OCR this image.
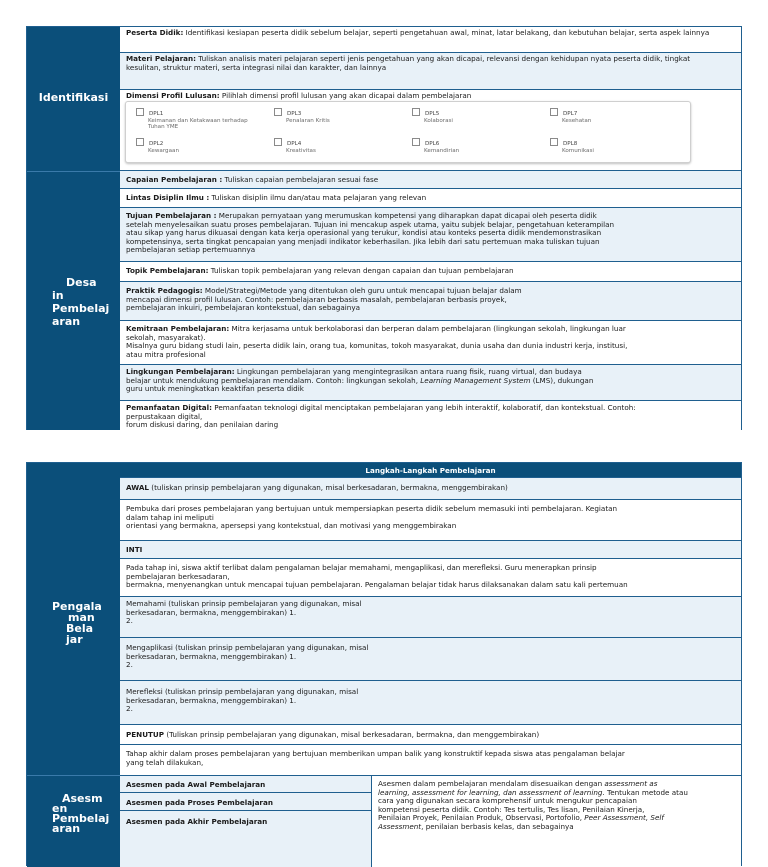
Identifikasi
Desa
in
Pembelaj
aran
Peserta Didik: Identifikasi kesiapan peserta didik sebelum belajar, seperti pengetahuan awal, minat, latar belakang, dan kebutuhan belajar, serta aspek lainnya
Materi Pelajaran: Tuliskan analisis materi pelajaran seperti jenis pengetahuan yang akan dicapai, relevansi dengan kehidupan nyata peserta didik, tingkat
kesulitan, struktur materi, serta integrasi nilai dan karakter, dan lainnya
Dimensi Profil Lulusan: Pilihlah dimensi profil lulusan yang akan dicapai dalam pembelajaran
DPL1
Keimanan dan Ketakwaan terhadap
Tuhan YME
DPL3
Penalaran Kritis
DPL5
Kolaborasi
DPL7
Kesehatan
DPL2
Kewargaan
DPL4
Kreativitas
DPL6
Kemandirian
DPL8
Komunikasi
Capaian Pembelajaran : Tuliskan capaian pembelajaran sesuai fase
Lintas Disiplin Ilmu : Tuliskan disiplin ilmu dan/atau mata pelajaran yang relevan
Tujuan Pembelajaran : Merupakan pernyataan yang merumuskan kompetensi yang diharapkan dapat dicapai oleh peserta didik
setelah menyelesaikan suatu proses pembelajaran. Tujuan ini mencakup aspek utama, yaitu subjek belajar, pengetahuan keterampilan
atau sikap yang harus dikuasai dengan kata kerja operasional yang terukur, kondisi atau konteks peserta didik mendemonstrasikan
kompetensinya, serta tingkat pencapaian yang menjadi indikator keberhasilan. Jika lebih dari satu pertemuan maka tuliskan tujuan
pembelajaran setiap pertemuannya
Topik Pembelajaran: Tuliskan topik pembelajaran yang relevan dengan capaian dan tujuan pembelajaran
Praktik Pedagogis: Model/Strategi/Metode yang ditentukan oleh guru untuk mencapai tujuan belajar dalam
mencapai dimensi profil lulusan. Contoh: pembelajaran berbasis masalah, pembelajaran berbasis proyek,
pembelajaran inkuiri, pembelajaran kontekstual, dan sebagainya
Kemitraan Pembelajaran: Mitra kerjasama untuk berkolaborasi dan berperan dalam pembelajaran (lingkungan sekolah, lingkungan luar
sekolah, masyarakat).
Misalnya guru bidang studi lain, peserta didik lain, orang tua, komunitas, tokoh masyarakat, dunia usaha dan dunia industri kerja, institusi,
atau mitra profesional
Lingkungan Pembelajaran: Lingkungan pembelajaran yang mengintegrasikan antara ruang fisik, ruang virtual, dan budaya
belajar untuk mendukung pembelajaran mendalam. Contoh: lingkungan sekolah, Learning Management System (LMS), dukungan
guru untuk meningkatkan keaktifan peserta didik
Pemanfaatan Digital: Pemanfaatan teknologi digital menciptakan pembelajaran yang lebih interaktif, kolaboratif, dan kontekstual. Contoh:
perpustakaan digital,
forum diskusi daring, dan penilaian daring
Pengala
man
Bela
jar
Asesm
en
Pembelaj
aran
Langkah-Langkah Pembelajaran
AWAL (tuliskan prinsip pembelajaran yang digunakan, misal berkesadaran, bermakna, menggembirakan)
Pembuka dari proses pembelajaran yang bertujuan untuk mempersiapkan peserta didik sebelum memasuki inti pembelajaran. Kegiatan
dalam tahap ini meliputi
orientasi yang bermakna, apersepsi yang kontekstual, dan motivasi yang menggembirakan
INTI
Pada tahap ini, siswa aktif terlibat dalam pengalaman belajar memahami, mengaplikasi, dan merefleksi. Guru menerapkan prinsip
pembelajaran berkesadaran,
bermakna, menyenangkan untuk mencapai tujuan pembelajaran. Pengalaman belajar tidak harus dilaksanakan dalam satu kali pertemuan
Memahami (tuliskan prinsip pembelajaran yang digunakan, misal
berkesadaran, bermakna, menggembirakan) 1.
2.
Mengaplikasi (tuliskan prinsip pembelajaran yang digunakan, misal
berkesadaran, bermakna, menggembirakan) 1.
2.
Merefleksi (tuliskan prinsip pembelajaran yang digunakan, misal
berkesadaran, bermakna, menggembirakan) 1.
2.
PENUTUP (Tuliskan prinsip pembelajaran yang digunakan, misal berkesadaran, bermakna, dan menggembirakan)
Tahap akhir dalam proses pembelajaran yang bertujuan memberikan umpan balik yang konstruktif kepada siswa atas pengalaman belajar
yang telah dilakukan,
Asesmen pada Awal Pembelajaran
Asesmen pada Proses Pembelajaran
Asesmen pada Akhir Pembelajaran
Asesmen dalam pembelajaran mendalam disesuaikan dengan assessment as
learning, assessment for learning, dan assessment of learning. Tentukan metode atau
cara yang digunakan secara komprehensif untuk mengukur pencapaian
kompetensi peserta didik. Contoh: Tes tertulis, Tes lisan, Penilaian Kinerja,
Penilaian Proyek, Penilaian Produk, Observasi, Portofolio, Peer Assessment, Self
Assessment, penilaian berbasis kelas, dan sebagainya
